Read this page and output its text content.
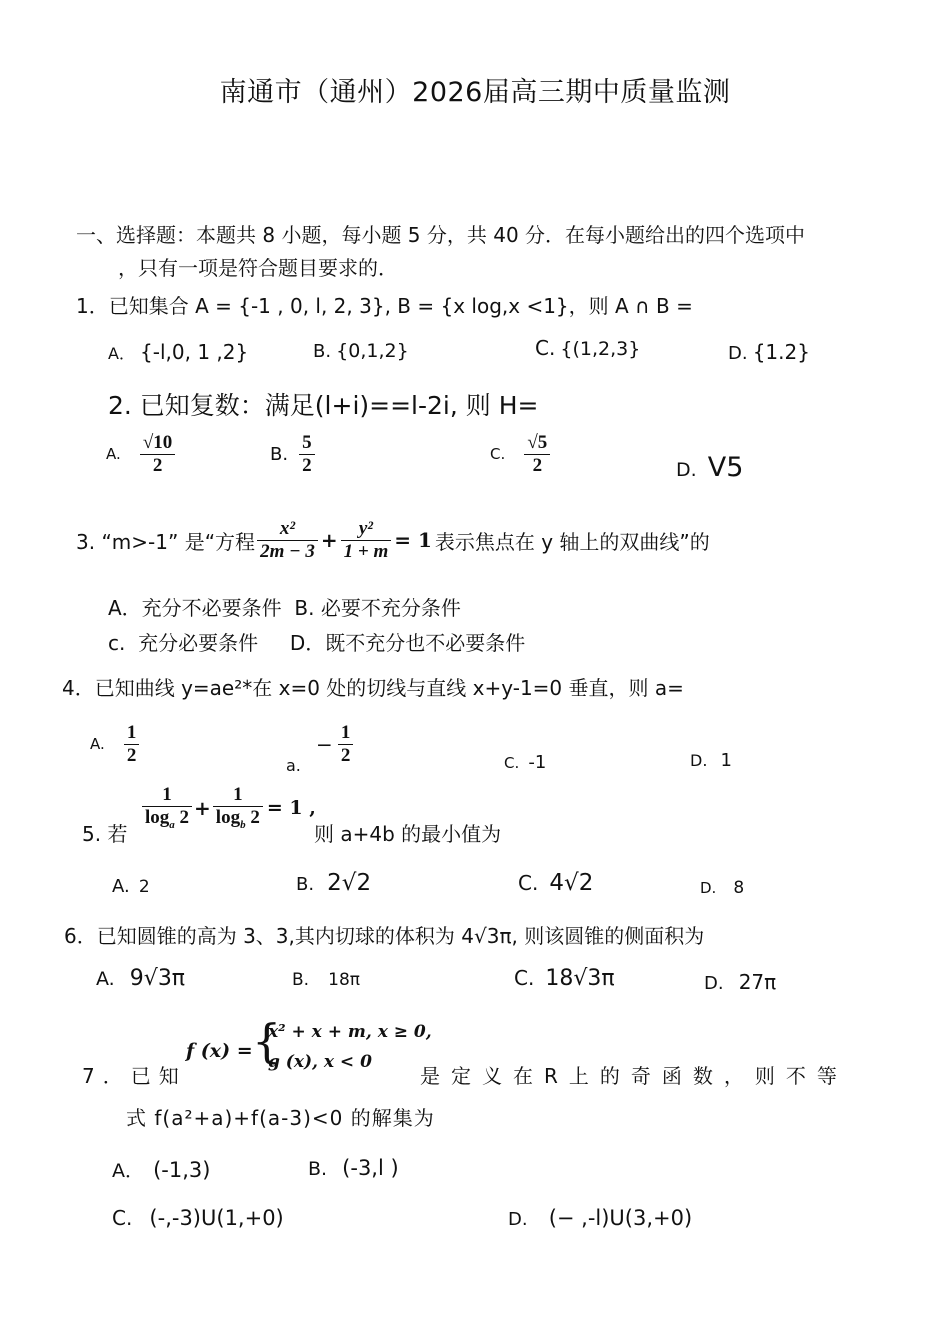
南通市（通州）2026届高三期中质量监测
一、选择题：本题共 8 小题，每小题 5 分，共 40 分．在每小题给出的四个选项中
，只有一项是符合题目要求的．
1．已知集合 A = {-1 , 0, l, 2, 3}, B = {x log,x <1}，则 A ∩ B =
A． {-l,0, 1 ,2}	B. {0,1,2}	C. {(1,2,3}	D. {1.2}
2. 已知复数：满足(l+i)==l-2i, 则 H=
A. $\frac{√10}{2}$	B. $\frac{5}{2}$	C. $\frac{√5}{2}$	D. V5
3. “m>-1” 是“方程 $\frac{\text{x²}}{2m - 3} + \frac{\text{y²}}{1 + m} = 1$ 表示焦点在 y 轴上的双曲线”的
A．充分不必要条件  B. 必要不充分条件
c.  充分必要条件     D．既不充分也不必要条件
4．已知曲线 y=ae²*在 x=0 处的切线与直线 x+y-1=0 垂直，则 a=
A. $\frac{1}{2}$	a. − $\frac{1}{2}$	C. -1	D. 1
5. 若
$\frac{1}{\log_a 2} + \frac{1}{\log_b 2} = 1$ ,
则 a+4b 的最小值为
A. 2	B. 2√2	C. 4√2	D. 8
6．已知圆锥的高为 3、3,其内切球的体积为 4√3π, 则该圆锥的侧面积为
A. 9√3π	B. 18π	C. 18√3π	D. 27π
7．已知
f (x) = {
x² + x + m, x ≥ 0,
g (x), x < 0
是定义在R上的奇函数，则不等
式 f(a²+a)+f(a-3)<0 的解集为
A． (-1,3)	B. (-3,l )
C. (-,-3)U(1,+0)	D. (− ,-l)U(3,+0)
